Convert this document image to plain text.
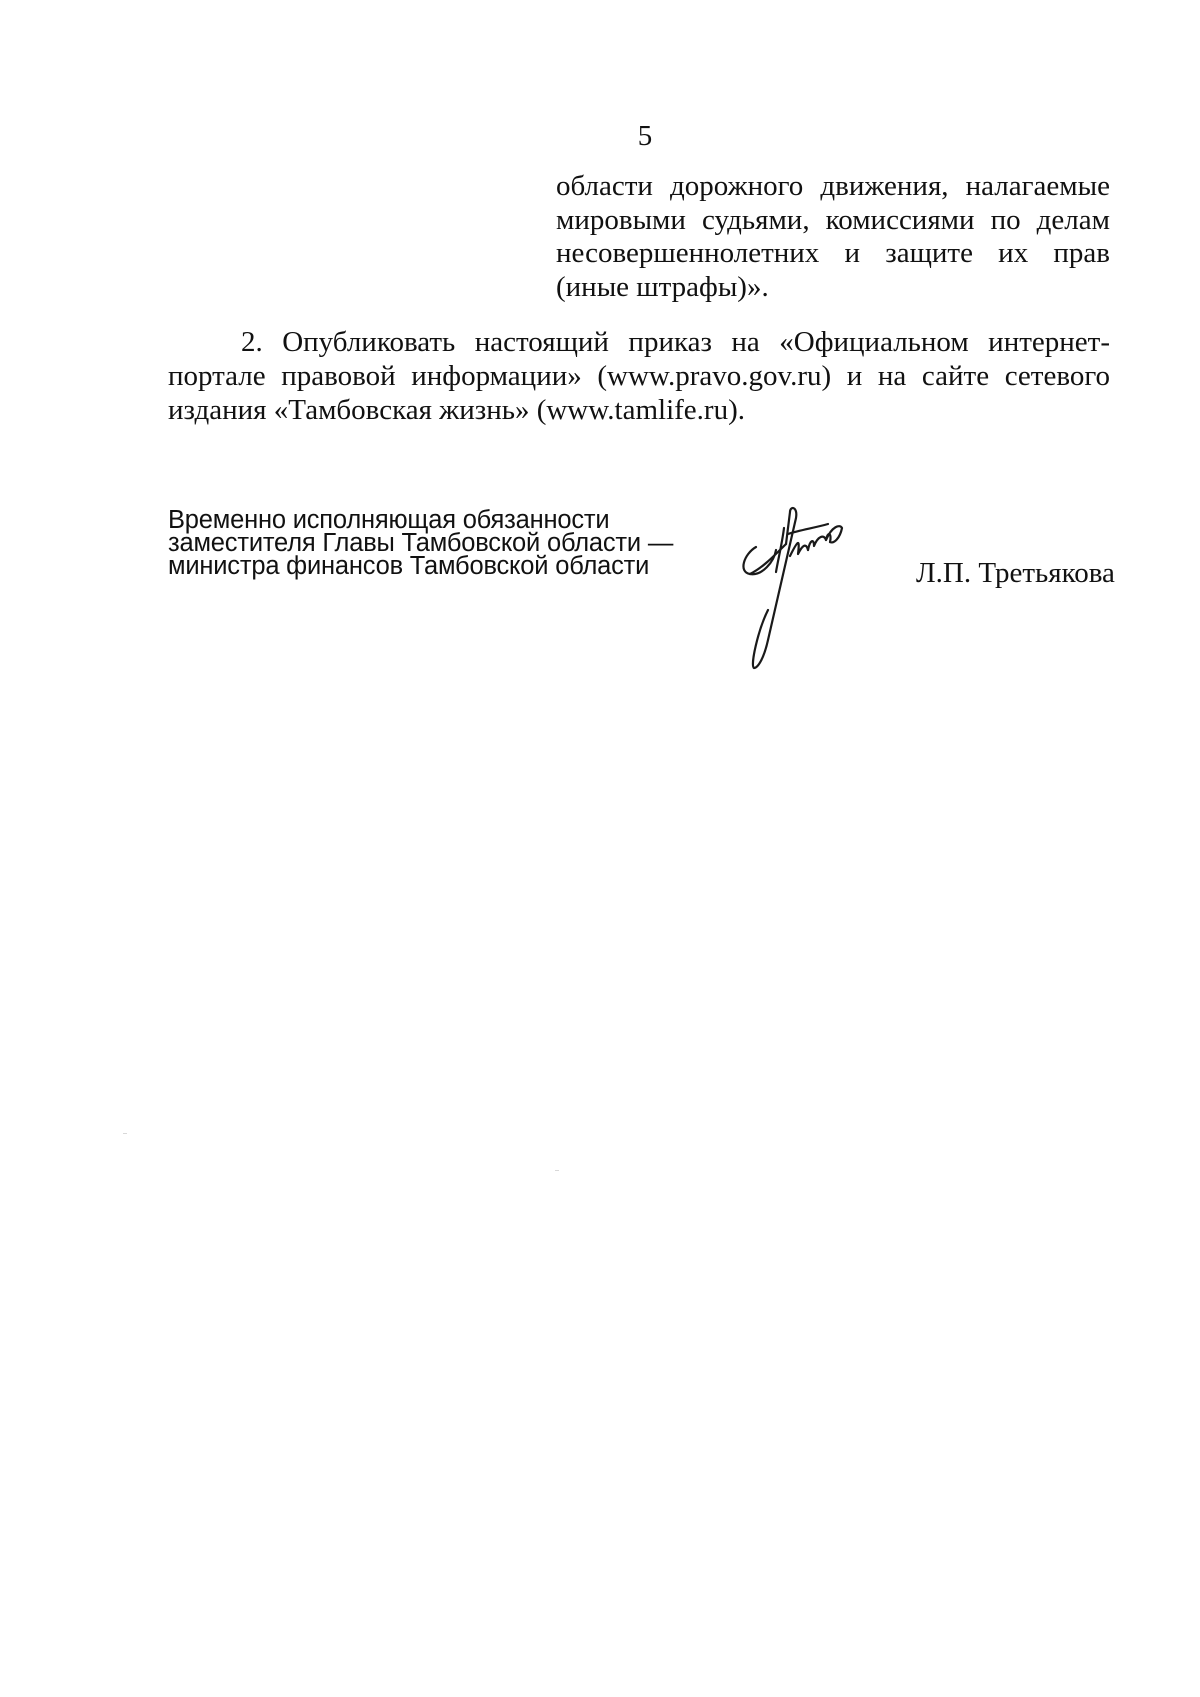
5
области дорожного движения, налагаемые мировыми судьями, комиссиями по делам несовершеннолетних и защите их прав (иные штрафы)».
2. Опубликовать настоящий приказ на «Официальном интернет-портале правовой информации» (www.pravo.gov.ru) и на сайте сетевого издания «Тамбовская жизнь» (www.tamlife.ru).
Временно исполняющая обязанности
заместителя Главы Тамбовской области —
министра финансов Тамбовской области	Л.П. Третьякова
